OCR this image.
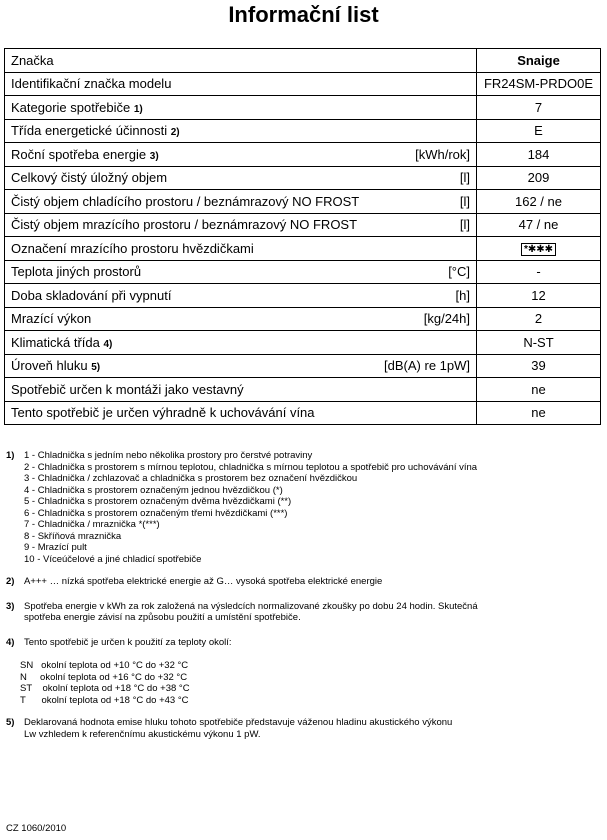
Informační list
Značka	Snaige

Identifikační značka modelu	FR24SM-PRDO0E

Kategorie spotřebiče 1)	7

Třída energetické účinnosti 2)	E

Roční spotřeba energie 3) [kWh/rok]	184

Celkový čistý úložný objem [l]	209

Čistý objem chladícího prostoru / beznámrazový NO FROST [l]	162 / ne

Čistý objem mrazícího prostoru / beznámrazový NO FROST [l]	47 / ne

Označení mrazícího prostoru hvězdičkami	*✱✱✱

Teplota jiných prostorů [°C]	-

Doba skladování při vypnutí [h]	12

Mrazící výkon [kg/24h]	2

Klimatická třída 4)	N-ST

Úroveň hluku 5) [dB(A) re 1pW]	39

Spotřebič určen k montáži jako vestavný	ne

Tento spotřebič je určen výhradně k uchovávání vína	ne
1) 1 - Chladnička s jedním nebo několika prostory pro čerstvé potraviny
2 - Chladnička s prostorem s mírnou teplotou, chladnička s mírnou teplotou a spotřebič pro uchovávání vína
3 - Chladnička / zchlazovač a chladnička s prostorem bez označení hvězdičkou
4 - Chladnička s prostorem označeným jednou hvězdičkou (*)
5 - Chladnička s prostorem označeným dvěma hvězdičkami (**)
6 - Chladnička s prostorem označeným třemi hvězdičkami (***)
7 - Chladnička / mraznička *(***)
8 - Skříňová mraznička
9 - Mrazící pult
10 - Víceúčelové a jiné chladicí spotřebiče
2) A+++ … nízká spotřeba elektrické energie až G… vysoká spotřeba elektrické energie
3) Spotřeba energie v kWh za rok založená na výsledcích normalizované zkoušky po dobu 24 hodin. Skutečná
spotřeba energie závisí na způsobu použití a umístění spotřebiče.
4) Tento spotřebič je určen k použití za teploty okolí:
SN   okolní teplota od +10 °C do +32 °C
N     okolní teplota od +16 °C do +32 °C
ST    okolní teplota od +18 °C do +38 °C
T      okolní teplota od +18 °C do +43 °C
5) Deklarovaná hodnota emise hluku tohoto spotřebiče představuje váženou hladinu akustického výkonu
Lw vzhledem k referenčnímu akustickému výkonu 1 pW.
CZ 1060/2010
